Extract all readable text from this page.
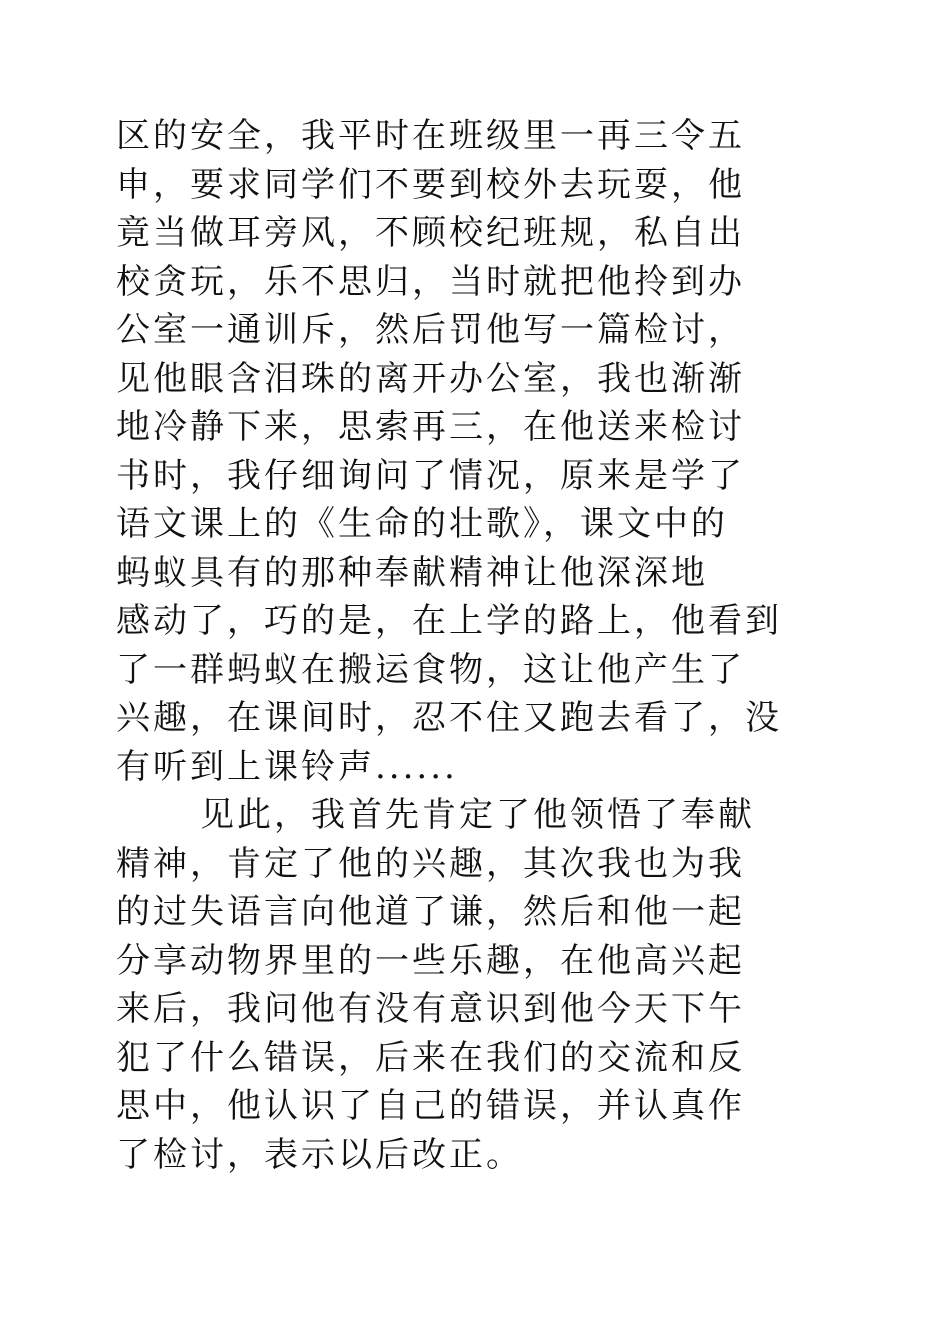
区的安全，我平时在班级里一再三令五
申，要求同学们不要到校外去玩耍，他
竟当做耳旁风，不顾校纪班规，私自出
校贪玩，乐不思归，当时就把他拎到办
公室一通训斥，然后罚他写一篇检讨，
见他眼含泪珠的离开办公室，我也渐渐
地冷静下来，思索再三，在他送来检讨
书时，我仔细询问了情况，原来是学了
语文课上的《生命的壮歌》，课文中的
蚂蚁具有的那种奉献精神让他深深地
感动了，巧的是，在上学的路上，他看到
了一群蚂蚁在搬运食物，这让他产生了
兴趣，在课间时，忍不住又跑去看了，没
有听到上课铃声......
见此，我首先肯定了他领悟了奉献
精神，肯定了他的兴趣，其次我也为我
的过失语言向他道了谦，然后和他一起
分享动物界里的一些乐趣，在他高兴起
来后，我问他有没有意识到他今天下午
犯了什么错误，后来在我们的交流和反
思中，他认识了自己的错误，并认真作
了检讨，表示以后改正。
